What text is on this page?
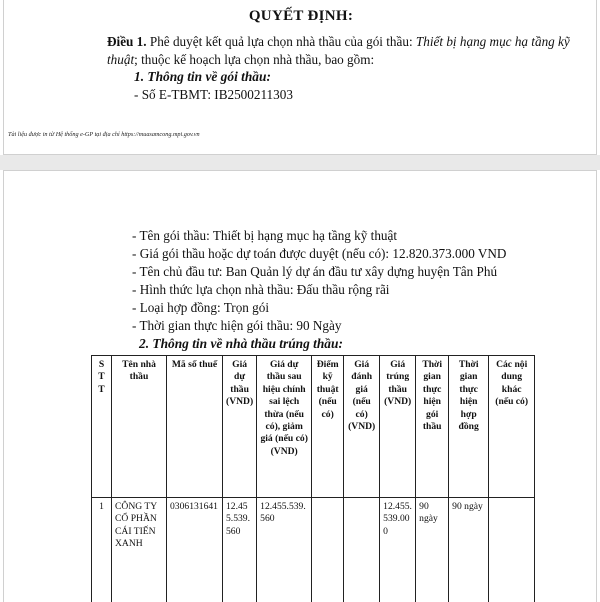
QUYẾT ĐỊNH:
Điều 1. Phê duyệt kết quả lựa chọn nhà thầu của gói thầu: Thiết bị hạng mục hạ tầng kỹ thuật; thuộc kế hoạch lựa chọn nhà thầu, bao gồm:
1. Thông tin về gói thầu:
- Số E-TBMT: IB2500211303
Tài liệu được in từ Hệ thống e-GP tại địa chỉ https://muasamcong.mpi.gov.vn
- Tên gói thầu: Thiết bị hạng mục hạ tầng kỹ thuật
- Giá gói thầu hoặc dự toán được duyệt (nếu có): 12.820.373.000 VND
- Tên chủ đầu tư: Ban Quản lý dự án đầu tư xây dựng huyện Tân Phú
- Hình thức lựa chọn nhà thầu: Đấu thầu rộng rãi
- Loại hợp đồng: Trọn gói
- Thời gian thực hiện gói thầu: 90 Ngày
2. Thông tin về nhà thầu trúng thầu:
S T T	Tên nhà thầu	Mã số thuế	Giá dự thầu (VND)	Giá dự thầu sau hiệu chính sai lệch thừa (nếu có), giảm giá (nếu có) (VND)	Điểm kỹ thuật (nếu có)	Giá đánh giá (nếu có) (VND)	Giá trúng thầu (VND)	Thời gian thực hiện gói thầu	Thời gian thực hiện hợp đồng	Các nội dung khác (nếu có)
1	CÔNG TY CỔ PHẦN CÁI TIẾN XANH	0306131641	12.455.539.560	12.455.539.560			12.455.539.000	90 ngày	90 ngày	
